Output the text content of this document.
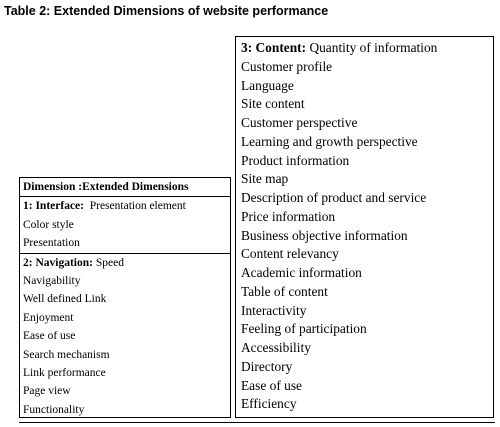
Table 2: Extended Dimensions of website performance
Dimension :Extended Dimensions
1: Interface:  Presentation element
Color style
Presentation
2: Navigation: Speed
Navigability
Well defined Link
Enjoyment
Ease of use
Search mechanism
Link performance
Page view
Functionality
3: Content: Quantity of information
Customer profile
Language
Site content
Customer perspective
Learning and growth perspective
Product information
Site map
Description of product and service
Price information
Business objective information
Content relevancy
Academic information
Table of content
Interactivity
Feeling of participation
Accessibility
Directory
Ease of use
Efficiency
